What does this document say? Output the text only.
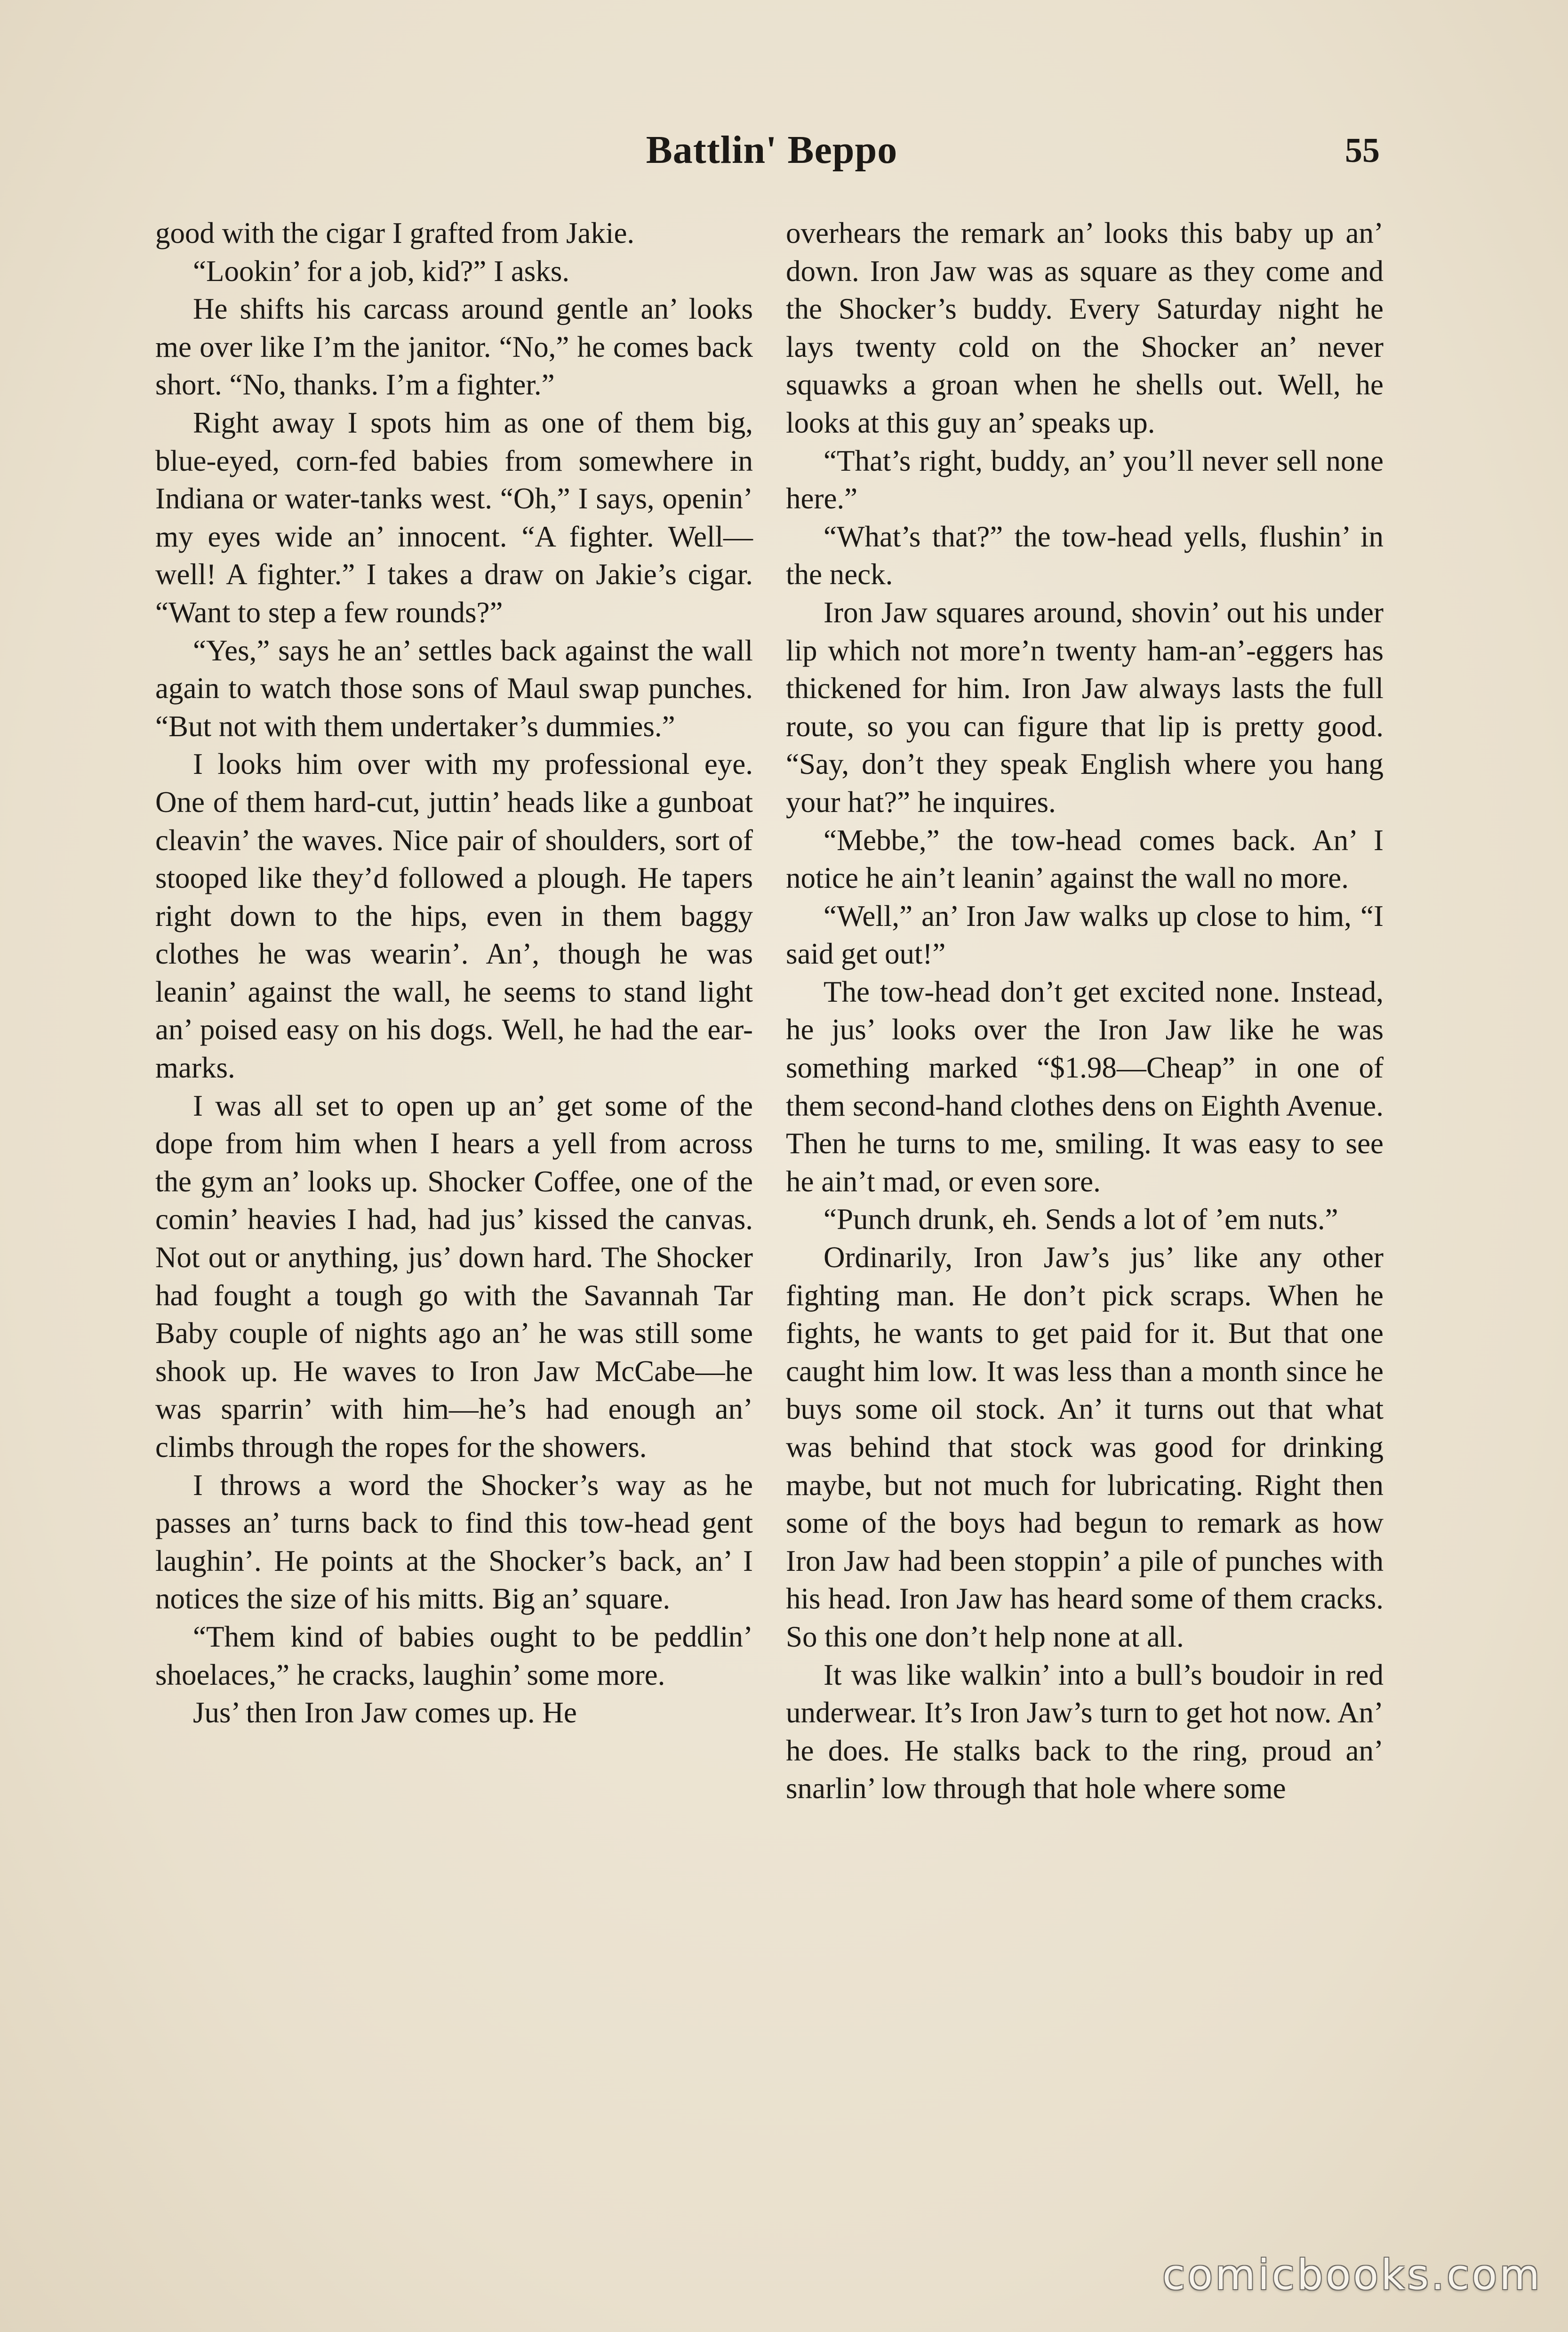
Battlin' Beppo	55

good with the cigar I grafted from Jakie.

“Lookin’ for a job, kid?” I asks.

He shifts his carcass around gentle an’ looks me over like I’m the janitor. “No,” he comes back short. “No, thanks. I’m a fighter.”

Right away I spots him as one of them big, blue-eyed, corn-fed babies from somewhere in Indiana or water-tanks west. “Oh,” I says, openin’ my eyes wide an’ innocent. “A fighter. Well—well! A fighter.” I takes a draw on Jakie’s cigar. “Want to step a few rounds?”

“Yes,” says he an’ settles back against the wall again to watch those sons of Maul swap punches. “But not with them undertaker’s dummies.”

I looks him over with my professional eye. One of them hard-cut, juttin’ heads like a gunboat cleavin’ the waves. Nice pair of shoulders, sort of stooped like they’d followed a plough. He tapers right down to the hips, even in them baggy clothes he was wearin’. An’, though he was leanin’ against the wall, he seems to stand light an’ poised easy on his dogs. Well, he had the ear-marks.

I was all set to open up an’ get some of the dope from him when I hears a yell from across the gym an’ looks up. Shocker Coffee, one of the comin’ heavies I had, had jus’ kissed the canvas. Not out or anything, jus’ down hard. The Shocker had fought a tough go with the Savannah Tar Baby couple of nights ago an’ he was still some shook up. He waves to Iron Jaw McCabe—he was sparrin’ with him—he’s had enough an’ climbs through the ropes for the showers.

I throws a word the Shocker’s way as he passes an’ turns back to find this tow-head gent laughin’. He points at the Shocker’s back, an’ I notices the size of his mitts. Big an’ square.

“Them kind of babies ought to be peddlin’ shoelaces,” he cracks, laughin’ some more.

Jus’ then Iron Jaw comes up. He

overhears the remark an’ looks this baby up an’ down. Iron Jaw was as square as they come and the Shocker’s buddy. Every Saturday night he lays twenty cold on the Shocker an’ never squawks a groan when he shells out. Well, he looks at this guy an’ speaks up.

“That’s right, buddy, an’ you’ll never sell none here.”

“What’s that?” the tow-head yells, flushin’ in the neck.

Iron Jaw squares around, shovin’ out his under lip which not more’n twenty ham-an’-eggers has thickened for him. Iron Jaw always lasts the full route, so you can figure that lip is pretty good. “Say, don’t they speak English where you hang your hat?” he inquires.

“Mebbe,” the tow-head comes back. An’ I notice he ain’t leanin’ against the wall no more.

“Well,” an’ Iron Jaw walks up close to him, “I said get out!”

The tow-head don’t get excited none. Instead, he jus’ looks over the Iron Jaw like he was something marked “$1.98—Cheap” in one of them second-hand clothes dens on Eighth Avenue. Then he turns to me, smiling. It was easy to see he ain’t mad, or even sore.

“Punch drunk, eh. Sends a lot of ’em nuts.”

Ordinarily, Iron Jaw’s jus’ like any other fighting man. He don’t pick scraps. When he fights, he wants to get paid for it. But that one caught him low. It was less than a month since he buys some oil stock. An’ it turns out that what was behind that stock was good for drinking maybe, but not much for lubricating. Right then some of the boys had begun to remark as how Iron Jaw had been stoppin’ a pile of punches with his head. Iron Jaw has heard some of them cracks. So this one don’t help none at all.

It was like walkin’ into a bull’s boudoir in red underwear. It’s Iron Jaw’s turn to get hot now. An’ he does. He stalks back to the ring, proud an’ snarlin’ low through that hole where some

comicbooks.com
